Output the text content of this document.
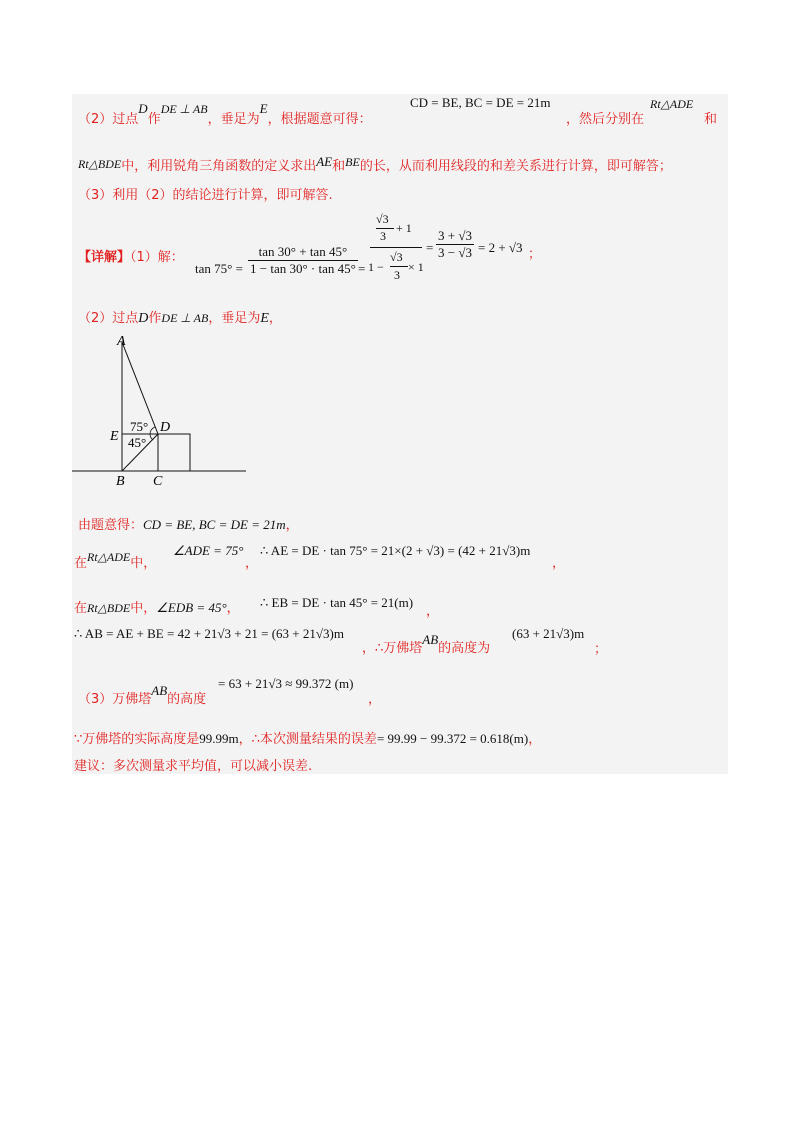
（2）过点D作DE ⊥ AB，垂足为E，根据题意可得：
CD = BE, BC = DE = 21m
，然后分别在
Rt△ADE
和
Rt△BDE中，利用锐角三角函数的定义求出AE和BE的长，从而利用线段的和差关系进行计算，即可解答；
（3）利用（2）的结论进行计算，即可解答.
【详解】（1）解：
$\tan 75^\circ = \frac{\tan 30^\circ + \tan 45^\circ}{1 - \tan 30^\circ \cdot \tan 45^\circ}$ =
√3
3
+ 1
1 −
√3
3
× 1
= $\frac{3 + √3}{3 - √3} = 2 + √3$ ；
（2）过点D作DE ⊥ AB，垂足为E，
A
B C
D
E
75°
45°
由题意得：CD = BE, BC = DE = 21m，
在Rt△ADE中，
∠ADE = 75°
，
∴ AE = DE · tan 75° = 21×(2 + √3) = (42 + 21√3)m
，
在Rt△BDE中，∠EDB = 45°， ∴ EB = DE · tan 45° = 21(m)
，
∴ AB = AE + BE = 42 + 21√3 + 21 = (63 + 21√3)m
，∴万佛塔AB的高度为
(63 + 21√3)m
；
（3）万佛塔AB的高度
= 63 + 21√3 ≈ 99.372 (m)
，
∵万佛塔的实际高度是99.99m，∴本次测量结果的误差= 99.99 − 99.372 = 0.618(m)，
建议：多次测量求平均值，可以减小误差.
